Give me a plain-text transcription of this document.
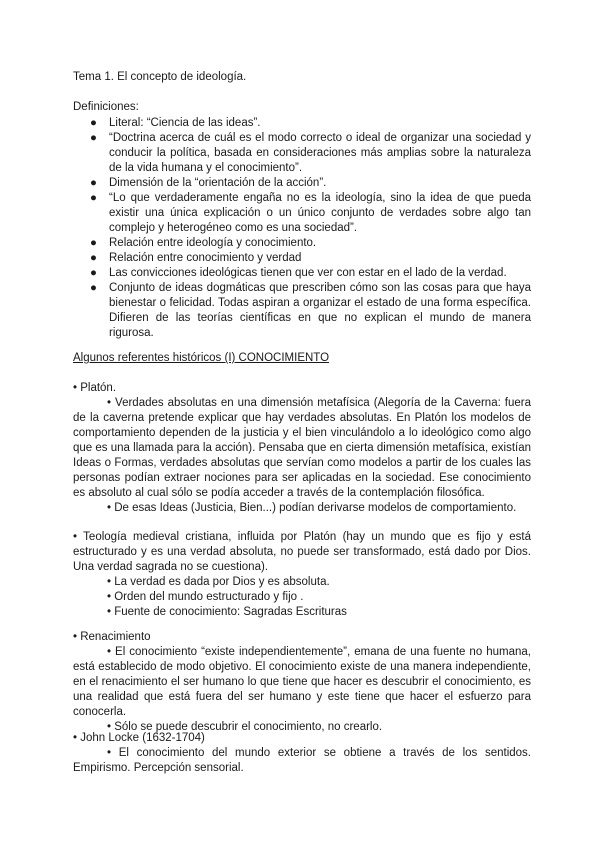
Tema 1. El concepto de ideología.
Definiciones:
● Literal: “Ciencia de las ideas”.
● “Doctrina acerca de cuál es el modo correcto o ideal de organizar una sociedad y conducir la política, basada en consideraciones más amplias sobre la naturaleza de la vida humana y el conocimiento”.
● Dimensión de la “orientación de la acción”.
● “Lo que verdaderamente engaña no es la ideología, sino la idea de que pueda existir una única explicación o un único conjunto de verdades sobre algo tan complejo y heterogéneo como es una sociedad”.
● Relación entre ideología y conocimiento.
● Relación entre conocimiento y verdad
● Las convicciones ideológicas tienen que ver con estar en el lado de la verdad.
● Conjunto de ideas dogmáticas que prescriben cómo son las cosas para que haya bienestar o felicidad. Todas aspiran a organizar el estado de una forma específica. Difieren de las teorías científicas en que no explican el mundo de manera rigurosa.
Algunos referentes históricos (I) CONOCIMIENTO

• Platón.

• Verdades absolutas en una dimensión metafísica (Alegoría de la Caverna: fuera de la caverna pretende explicar que hay verdades absolutas. En Platón los modelos de comportamiento dependen de la justicia y el bien vinculándolo a lo ideológico como algo que es una llamada para la acción). Pensaba que en cierta dimensión metafísica, existían Ideas o Formas, verdades absolutas que servían como modelos a partir de los cuales las personas podían extraer nociones para ser aplicadas en la sociedad. Ese conocimiento es absoluto al cual sólo se podía acceder a través de la contemplación filosófica.

• De esas Ideas (Justicia, Bien...) podían derivarse modelos de comportamiento.

• Teología medieval cristiana, influida por Platón (hay un mundo que es fijo y está estructurado y es una verdad absoluta, no puede ser transformado, está dado por Dios. Una verdad sagrada no se cuestiona).

• La verdad es dada por Dios y es absoluta.

• Orden del mundo estructurado y fijo .

• Fuente de conocimiento: Sagradas Escrituras

• Renacimiento

• El conocimiento “existe independientemente”, emana de una fuente no humana, está establecido de modo objetivo. El conocimiento existe de una manera independiente, en el renacimiento el ser humano lo que tiene que hacer es descubrir el conocimiento, es una realidad que está fuera del ser humano y este tiene que hacer el esfuerzo para conocerla.

• Sólo se puede descubrir el conocimiento, no crearlo.

• John Locke (1632-1704)

• El conocimiento del mundo exterior se obtiene a través de los sentidos. Empirismo. Percepción sensorial.
